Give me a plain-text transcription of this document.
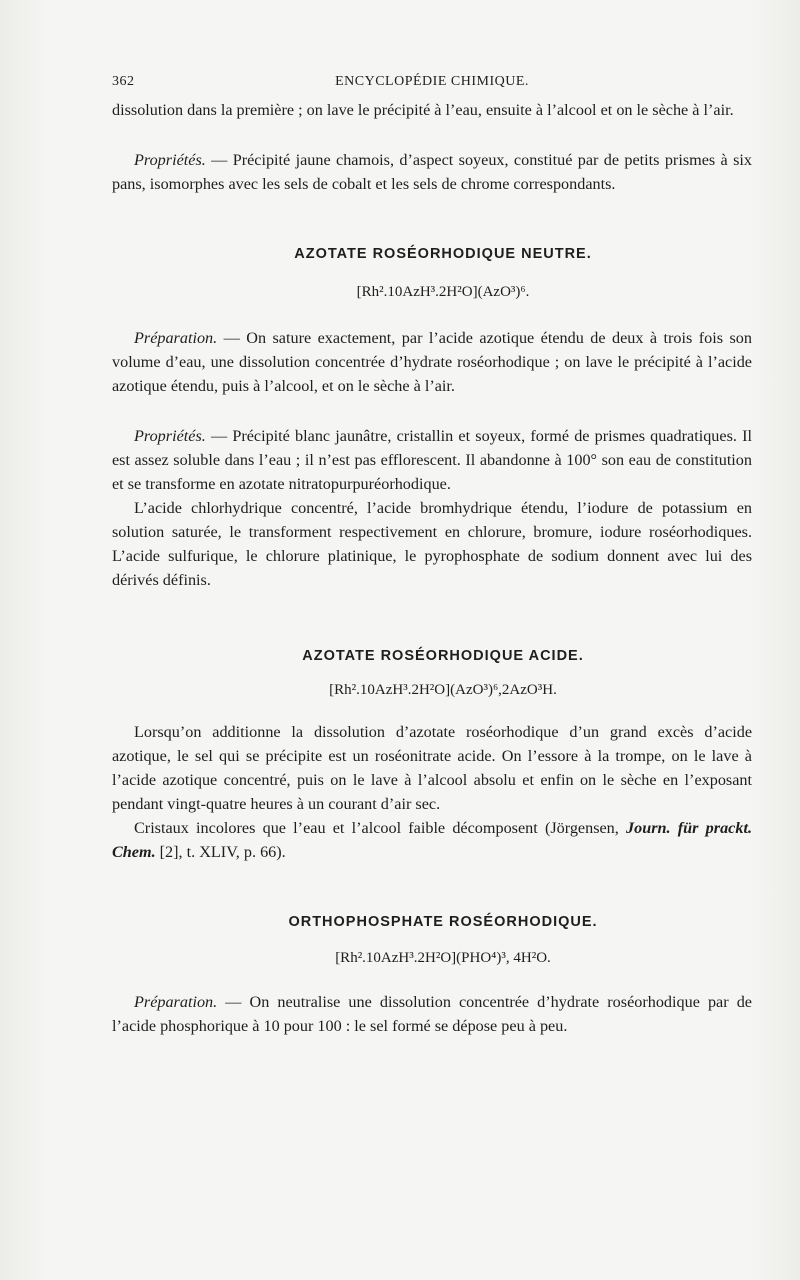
362	ENCYCLOPÉDIE CHIMIQUE.

dissolution dans la première ; on lave le précipité à l’eau, ensuite à l’alcool et on le sèche à l’air.

Propriétés. — Précipité jaune chamois, d’aspect soyeux, constitué par de petits prismes à six pans, isomorphes avec les sels de cobalt et les sels de chrome correspondants.

AZOTATE ROSÉORHODIQUE NEUTRE.

[Rh².10AzH³.2H²O](AzO³)⁶.

Préparation. — On sature exactement, par l’acide azotique étendu de deux à trois fois son volume d’eau, une dissolution concentrée d’hydrate roséorhodique ; on lave le précipité à l’acide azotique étendu, puis à l’alcool, et on le sèche à l’air.

Propriétés. — Précipité blanc jaunâtre, cristallin et soyeux, formé de prismes quadratiques. Il est assez soluble dans l’eau ; il n’est pas efflorescent. Il abandonne à 100° son eau de constitution et se transforme en azotate nitratopurpuréorhodique.

L’acide chlorhydrique concentré, l’acide bromhydrique étendu, l’iodure de potassium en solution saturée, le transforment respectivement en chlorure, bromure, iodure roséorhodiques. L’acide sulfurique, le chlorure platinique, le pyrophosphate de sodium donnent avec lui des dérivés définis.

AZOTATE ROSÉORHODIQUE ACIDE.

[Rh².10AzH³.2H²O](AzO³)⁶,2AzO³H.

Lorsqu’on additionne la dissolution d’azotate roséorhodique d’un grand excès d’acide azotique, le sel qui se précipite est un roséonitrate acide. On l’essore à la trompe, on le lave à l’acide azotique concentré, puis on le lave à l’alcool absolu et enfin on le sèche en l’exposant pendant vingt-quatre heures à un courant d’air sec.

Cristaux incolores que l’eau et l’alcool faible décomposent (Jörgensen, Journ. für prackt. Chem. [2], t. XLIV, p. 66).

ORTHOPHOSPHATE ROSÉORHODIQUE.

[Rh².10AzH³.2H²O](PHO⁴)³, 4H²O.

Préparation. — On neutralise une dissolution concentrée d’hydrate roséorhodique par de l’acide phosphorique à 10 pour 100 : le sel formé se dépose peu à peu.
